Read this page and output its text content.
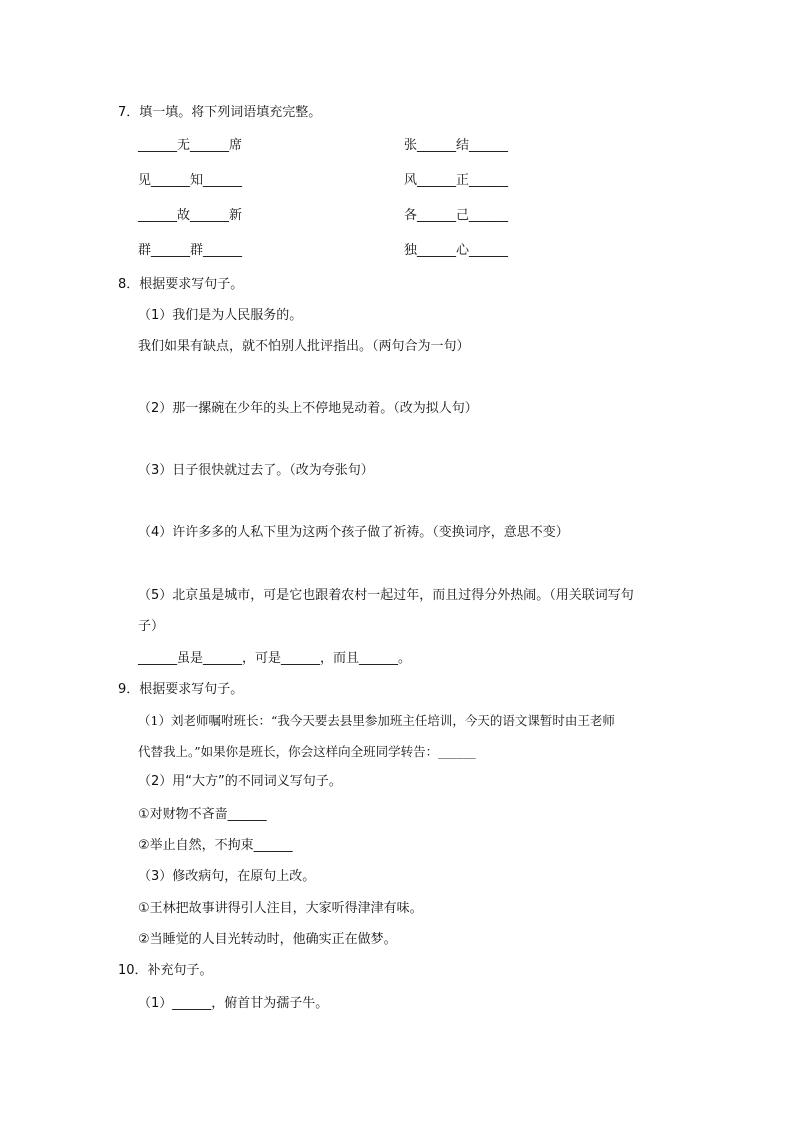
7．填一填。将下列词语填充完整。
______无______席	张______结______
见______知______	风______正______
______故______新	各______己______
群______群______	独______心______
8．根据要求写句子。
（1）我们是为人民服务的。
我们如果有缺点，就不怕别人批评指出。（两句合为一句）
（2）那一摞碗在少年的头上不停地晃动着。（改为拟人句）
（3）日子很快就过去了。（改为夸张句）
（4）许许多多的人私下里为这两个孩子做了祈祷。（变换词序，意思不变）
（5）北京虽是城市，可是它也跟着农村一起过年，而且过得分外热闹。（用关联词写句
子）
______虽是______，可是______，而且______。
9．根据要求写句子。
（1）刘老师嘱咐班长：“我今天要去县里参加班主任培训，今天的语文课暂时由王老师
代替我上。”如果你是班长，你会这样向全班同学转告：______
（2）用“大方”的不同词义写句子。
①对财物不吝啬______
②举止自然，不拘束______
（3）修改病句，在原句上改。
①王林把故事讲得引人注目，大家听得津津有味。
②当睡觉的人目光转动时，他确实正在做梦。
10．补充句子。
（1）______，俯首甘为孺子牛。
